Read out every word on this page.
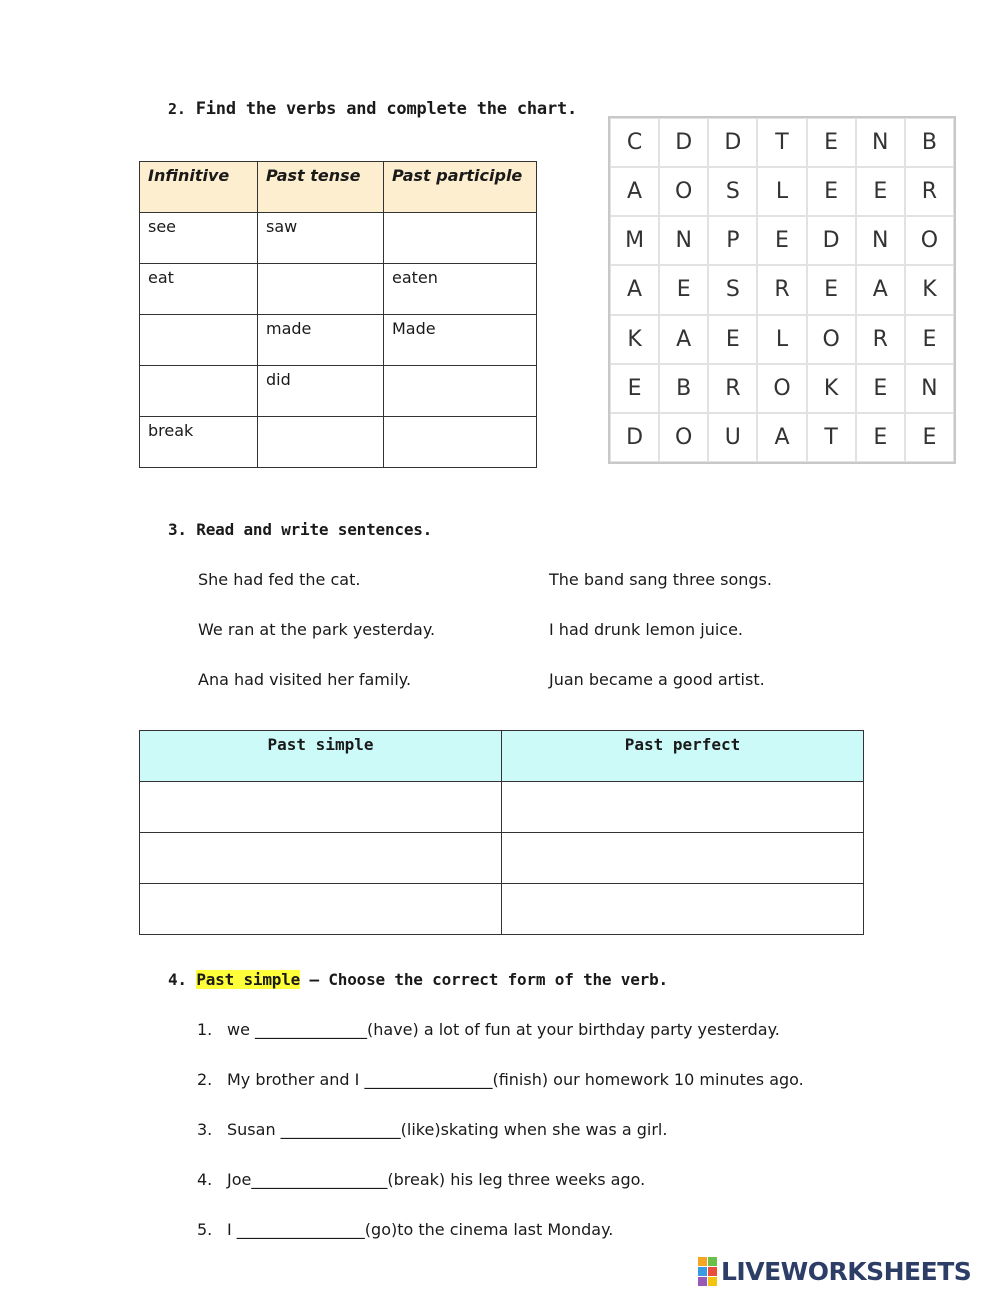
2. Find the verbs and complete the chart.
Infinitive	Past tense	Past participle
see	saw	
eat		eaten
	made	Made
	did	
break		
C	D	D	T	E	N	B
A	O	S	L	E	E	R
M	N	P	E	D	N	O
A	E	S	R	E	A	K
K	A	E	L	O	R	E
E	B	R	O	K	E	N
D	O	U	A	T	E	E
3. Read and write sentences.
She had fed the cat.
We ran at the park yesterday.
Ana had visited her family.
The band sang three songs.
I had drunk lemon juice.
Juan became a good artist.
Past simple	Past perfect

4. Past simple – Choose the correct form of the verb.
1. we ______________(have) a lot of fun at your birthday party yesterday.
2. My brother and I ________________(finish) our homework 10 minutes ago.
3. Susan _______________(like)skating when she was a girl.
4. Joe_________________(break) his leg three weeks ago.
5. I ________________(go)to the cinema last Monday.
LIVEWORKSHEETS
